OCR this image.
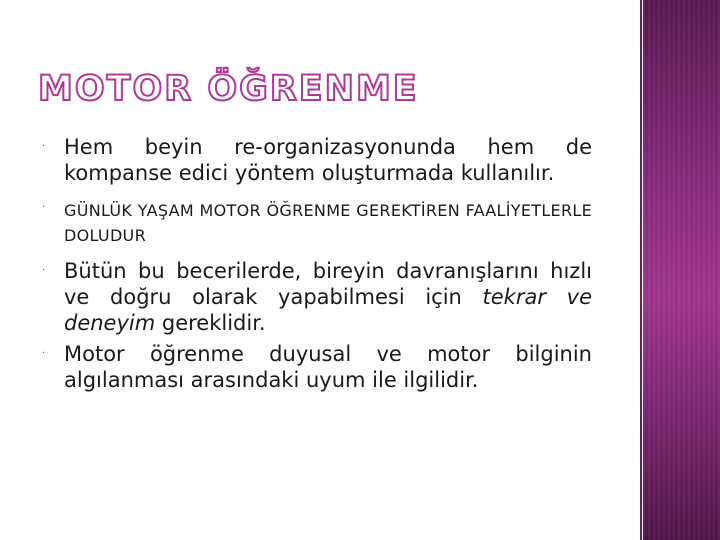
MOTOR ÖĞRENME
· Hem beyin re-organizasyonunda hem de kompanse edici yöntem oluşturmada kullanılır.
· GÜNLÜK YAŞAM MOTOR ÖĞRENME GEREKTİREN FAALİYETLERLE DOLUDUR
· Bütün bu becerilerde, bireyin davranışlarını hızlı ve doğru olarak yapabilmesi için tekrar ve deneyim gereklidir.
· Motor öğrenme duyusal ve motor bilginin algılanması arasındaki uyum ile ilgilidir.
